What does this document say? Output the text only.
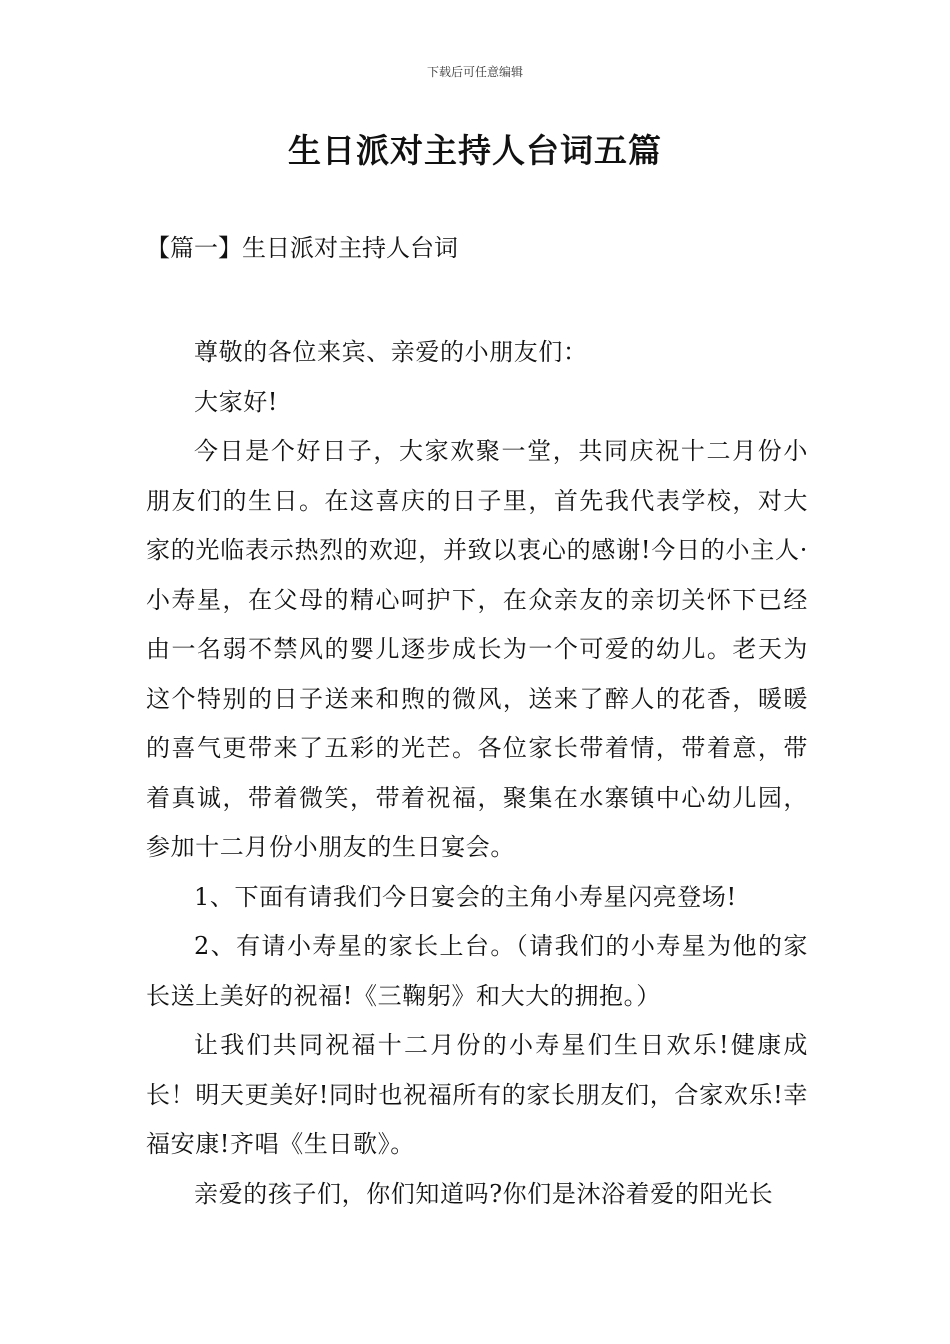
下载后可任意编辑
生日派对主持人台词五篇
【篇一】生日派对主持人台词

尊敬的各位来宾、亲爱的小朋友们：

大家好!

今日是个好日子，大家欢聚一堂，共同庆祝十二月份小朋友们的生日。在这喜庆的日子里，首先我代表学校，对大家的光临表示热烈的欢迎，并致以衷心的感谢!今日的小主人·小寿星，在父母的精心呵护下，在众亲友的亲切关怀下已经由一名弱不禁风的婴儿逐步成长为一个可爱的幼儿。老天为这个特别的日子送来和煦的微风，送来了醉人的花香，暖暖的喜气更带来了五彩的光芒。各位家长带着情，带着意，带着真诚，带着微笑，带着祝福，聚集在水寨镇中心幼儿园，参加十二月份小朋友的生日宴会。

1、下面有请我们今日宴会的主角小寿星闪亮登场!

2、有请小寿星的家长上台。（请我们的小寿星为他的家长送上美好的祝福!《三鞠躬》和大大的拥抱。）

让我们共同祝福十二月份的小寿星们生日欢乐!健康成长！明天更美好!同时也祝福所有的家长朋友们，合家欢乐!幸福安康!齐唱《生日歌》。

亲爱的孩子们，你们知道吗?你们是沐浴着爱的阳光长
